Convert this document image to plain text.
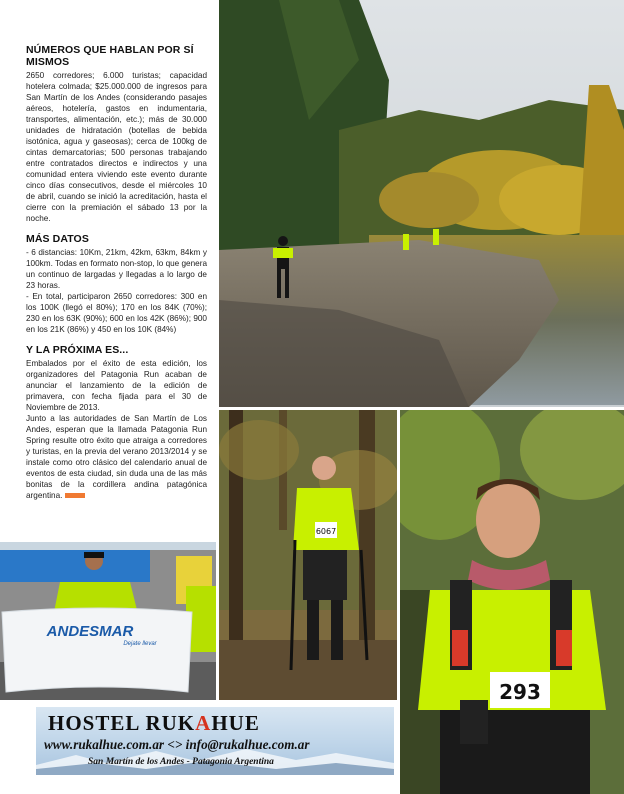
NÚMEROS QUE HABLAN POR SÍ MISMOS

2650 corredores; 6.000 turistas; capacidad hotelera colmada; $25.000.000 de ingresos para San Martín de los Andes (considerando pasajes aéreos, hotelería, gastos en indumentaria, transportes, alimentación, etc.); más de 30.000 unidades de hidratación (botellas de bebida isotónica, agua y gaseosas); cerca de 100kg de cintas demarcatorias; 500 personas trabajando entre contratados directos e indirectos y una comunidad entera viviendo este evento durante cinco días consecutivos, desde el miércoles 10 de abril, cuando se inició la acreditación, hasta el cierre con la premiación el sábado 13 por la noche.

MÁS DATOS

- 6 distancias: 10Km, 21km, 42km, 63km, 84km y 100km. Todas en formato non-stop, lo que genera un continuo de largadas y llegadas a lo largo de 23 horas.

- En total, participaron 2650 corredores: 300 en los 100K (llegó el 80%); 170 en los 84K (70%); 230 en los 63K (90%); 600 en los 42K (86%); 900 en los 21K (86%) y 450 en los 10K (84%)

Y LA PRÓXIMA ES...

Embalados por el éxito de esta edición, los organizadores del Patagonia Run acaban de anunciar el lanzamiento de la edición de primavera, con fecha fijada para el 30 de Noviembre de 2013.

Junto a las autoridades de San Martín de Los Andes, esperan que la llamada Patagonia Run Spring resulte otro éxito que atraiga a corredores y turistas, en la previa del verano 2013/2014 y se instale como otro clásico del calendario anual de eventos de esta ciudad, sin duda una de las más bonitas de la cordillera andina patagónica argentina.

6067
293
ANDESMAR
Dejate llevar
HOSTEL RUKAHUE
www.rukalhue.com.ar <> info@rukalhue.com.ar
San Martín de los Andes - Patagonia Argentina
